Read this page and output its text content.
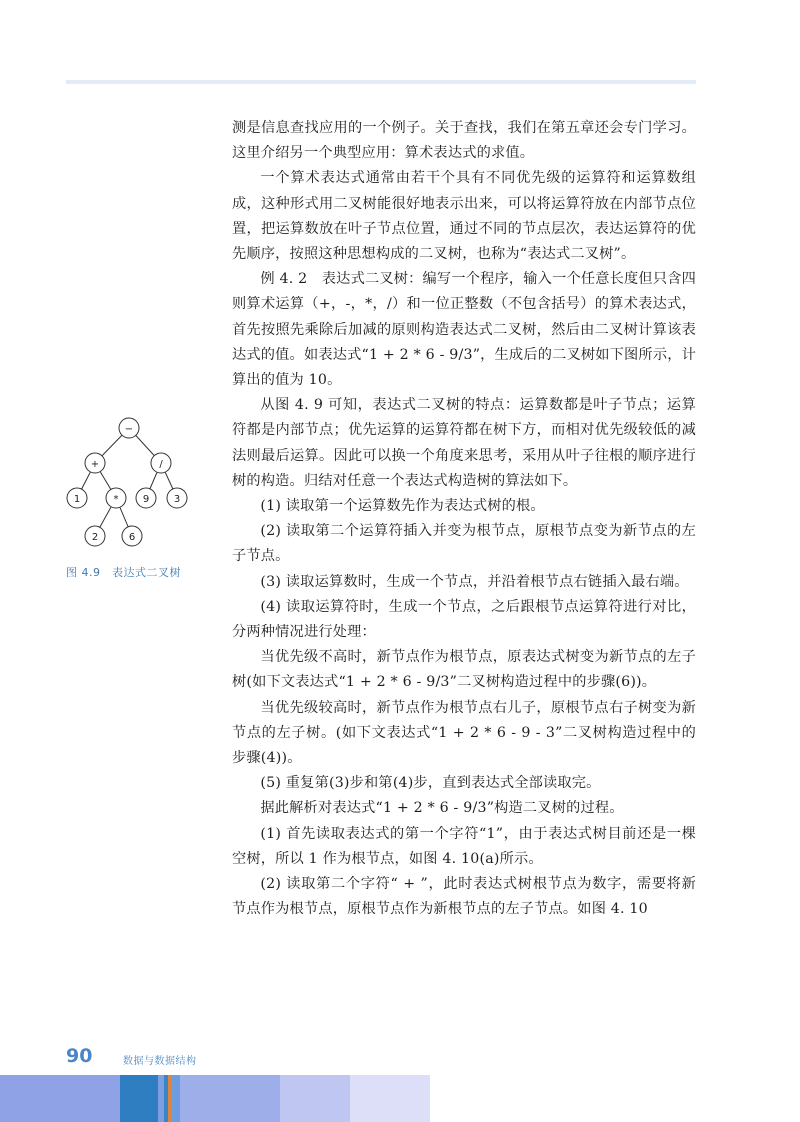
测是信息查找应用的一个例子。关于查找，我们在第五章还会专门学习。这里介绍另一个典型应用：算术表达式的求值。

一个算术表达式通常由若干个具有不同优先级的运算符和运算数组成，这种形式用二叉树能很好地表示出来，可以将运算符放在内部节点位置，把运算数放在叶子节点位置，通过不同的节点层次，表达运算符的优先顺序，按照这种思想构成的二叉树，也称为“表达式二叉树”。

例 4. 2　表达式二叉树：编写一个程序，输入一个任意长度但只含四则算术运算（+，-，*，/）和一位正整数（不包含括号）的算术表达式，首先按照先乘除后加减的原则构造表达式二叉树，然后由二叉树计算该表达式的值。如表达式“1 + 2 * 6 - 9/3”，生成后的二叉树如下图所示，计算出的值为 10。

从图 4. 9 可知，表达式二叉树的特点：运算数都是叶子节点；运算符都是内部节点；优先运算的运算符都在树下方，而相对优先级较低的减法则最后运算。因此可以换一个角度来思考，采用从叶子往根的顺序进行树的构造。归结对任意一个表达式构造树的算法如下。

(1) 读取第一个运算数先作为表达式树的根。

(2) 读取第二个运算符插入并变为根节点，原根节点变为新节点的左子节点。

(3) 读取运算数时，生成一个节点，并沿着根节点右链插入最右端。

(4) 读取运算符时，生成一个节点，之后跟根节点运算符进行对比，分两种情况进行处理：

当优先级不高时，新节点作为根节点，原表达式树变为新节点的左子树(如下文表达式“1 + 2 * 6 - 9/3”二叉树构造过程中的步骤(6))。

当优先级较高时，新节点作为根节点右儿子，原根节点右子树变为新节点的左子树。(如下文表达式“1 + 2 * 6 - 9 - 3”二叉树构造过程中的步骤(4))。

(5) 重复第(3)步和第(4)步，直到表达式全部读取完。

据此解析对表达式“1 + 2 * 6 - 9/3”构造二叉树的过程。

(1) 首先读取表达式的第一个字符“1”，由于表达式树目前还是一棵空树，所以 1 作为根节点，如图 4. 10(a)所示。

(2) 读取第二个字符“ + ”，此时表达式树根节点为数字，需要将新节点作为根节点，原根节点作为新根节点的左子节点。如图 4. 10

−
+	/
1	* 9 3
2	6
图 4.9　表达式二叉树
90	数据与数据结构
